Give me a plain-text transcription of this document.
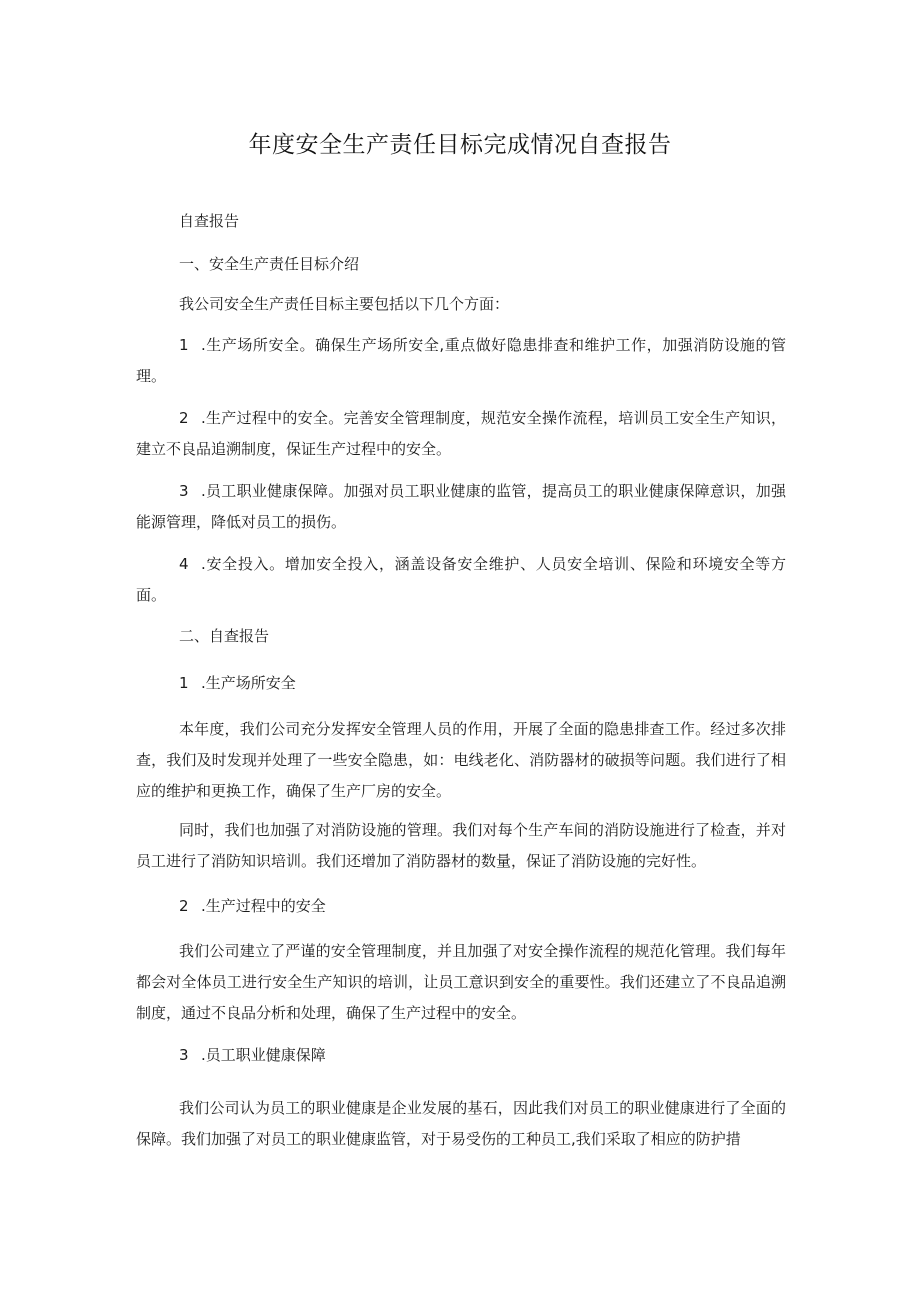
年度安全生产责任目标完成情况自查报告

自查报告

一、安全生产责任目标介绍

我公司安全生产责任目标主要包括以下几个方面：

1 .生产场所安全。确保生产场所安全,重点做好隐患排查和维护工作，加强消防设施的管理。

2 .生产过程中的安全。完善安全管理制度，规范安全操作流程，培训员工安全生产知识，建立不良品追溯制度，保证生产过程中的安全。

3 .员工职业健康保障。加强对员工职业健康的监管，提高员工的职业健康保障意识，加强能源管理，降低对员工的损伤。

4 .安全投入。增加安全投入，涵盖设备安全维护、人员安全培训、保险和环境安全等方面。

二、自查报告

1 .生产场所安全

本年度，我们公司充分发挥安全管理人员的作用，开展了全面的隐患排查工作。经过多次排查，我们及时发现并处理了一些安全隐患，如：电线老化、消防器材的破损等问题。我们进行了相应的维护和更换工作，确保了生产厂房的安全。

同时，我们也加强了对消防设施的管理。我们对每个生产车间的消防设施进行了检查，并对员工进行了消防知识培训。我们还增加了消防器材的数量，保证了消防设施的完好性。

2 .生产过程中的安全

我们公司建立了严谨的安全管理制度，并且加强了对安全操作流程的规范化管理。我们每年都会对全体员工进行安全生产知识的培训，让员工意识到安全的重要性。我们还建立了不良品追溯制度，通过不良品分析和处理，确保了生产过程中的安全。

3 .员工职业健康保障

我们公司认为员工的职业健康是企业发展的基石，因此我们对员工的职业健康进行了全面的保障。我们加强了对员工的职业健康监管，对于易受伤的工种员工,我们采取了相应的防护措
